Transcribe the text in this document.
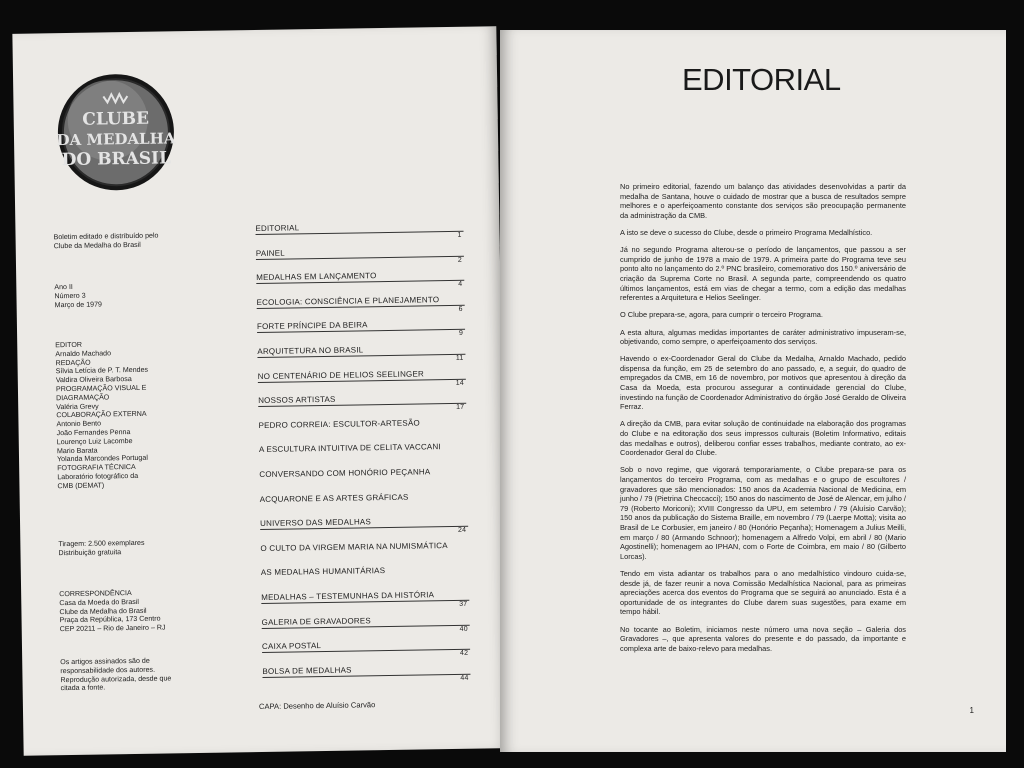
CLUBE
DA MEDALHA
DO BRASIL
Boletim editado e distribuído pelo
Clube da Medalha do Brasil
Ano II
Número 3
Março de 1979
EDITOR
Arnaldo Machado
REDAÇÃO
Sílvia Letícia de P. T. Mendes
Valdira Oliveira Barbosa
PROGRAMAÇÃO VISUAL E
DIAGRAMAÇÃO
Valéria Grevy
COLABORAÇÃO EXTERNA
Antonio Bento
João Fernandes Penna
Lourenço Luiz Lacombe
Mario Barata
Yolanda Marcondes Portugal
FOTOGRAFIA TÉCNICA
Laboratório fotográfico da
CMB (DEMAT)
Tiragem: 2.500 exemplares
Distribuição gratuita
CORRESPONDÊNCIA
Casa da Moeda do Brasil
Clube da Medalha do Brasil
Praça da República, 173 Centro
CEP 20211 – Rio de Janeiro – RJ
Os artigos assinados são de
responsabilidade dos autores.
Reprodução autorizada, desde que
citada a fonte.
EDITORIAL
1
PAINEL
2
MEDALHAS EM LANÇAMENTO
4
ECOLOGIA: CONSCIÊNCIA E PLANEJAMENTO
6
FORTE PRÍNCIPE DA BEIRA
9
ARQUITETURA NO BRASIL
11
NO CENTENÁRIO DE HELIOS SEELINGER
14
NOSSOS ARTISTAS
17
PEDRO CORREIA: ESCULTOR-ARTESÃO
A ESCULTURA INTUITIVA DE CELITA VACCANI
CONVERSANDO COM HONÓRIO PEÇANHA
ACQUARONE E AS ARTES GRÁFICAS
UNIVERSO DAS MEDALHAS
24
O CULTO DA VIRGEM MARIA NA NUMISMÁTICA
AS MEDALHAS HUMANITÁRIAS
MEDALHAS – TESTEMUNHAS DA HISTÓRIA
37
GALERIA DE GRAVADORES
40
CAIXA POSTAL
42
BOLSA DE MEDALHAS
44
CAPA: Desenho de Aluísio Carvão
EDITORIAL

No primeiro editorial, fazendo um balanço das atividades desenvolvidas a partir da medalha de Santana, houve o cuidado de mostrar que a busca de resultados sempre melhores e o aperfeiçoamento constante dos serviços são preocupação permanente da administração da CMB.

A isto se deve o sucesso do Clube, desde o primeiro Programa Medalhístico.

Já no segundo Programa alterou-se o período de lançamentos, que passou a ser cumprido de junho de 1978 a maio de 1979. A primeira parte do Programa teve seu ponto alto no lançamento do 2.º PNC brasileiro, comemorativo dos 150.º aniversário de criação da Suprema Corte no Brasil. A segunda parte, compreendendo os quatro últimos lançamentos, está em vias de chegar a termo, com a edição das medalhas referentes a Arquitetura e Helios Seelinger.

O Clube prepara-se, agora, para cumprir o terceiro Programa.

A esta altura, algumas medidas importantes de caráter administrativo impuseram-se, objetivando, como sempre, o aperfeiçoamento dos serviços.

Havendo o ex-Coordenador Geral do Clube da Medalha, Arnaldo Machado, pedido dispensa da função, em 25 de setembro do ano passado, e, a seguir, do quadro de empregados da CMB, em 16 de novembro, por motivos que apresentou à direção da Casa da Moeda, esta procurou assegurar a continuidade gerencial do Clube, investindo na função de Coordenador Administrativo do órgão José Geraldo de Oliveira Ferraz.

A direção da CMB, para evitar solução de continuidade na elaboração dos programas do Clube e na editoração dos seus impressos culturais (Boletim Informativo, editais das medalhas e outros), deliberou confiar esses trabalhos, mediante contrato, ao ex-Coordenador Geral do Clube.

Sob o novo regime, que vigorará temporariamente, o Clube prepara-se para os lançamentos do terceiro Programa, com as medalhas e o grupo de escultores / gravadores que são mencionados: 150 anos da Academia Nacional de Medicina, em junho / 79 (Pietrina Checcacci); 150 anos do nascimento de José de Alencar, em julho / 79 (Roberto Moriconi); XVIII Congresso da UPU, em setembro / 79 (Aluísio Carvão); 150 anos da publicação do Sistema Braille, em novembro / 79 (Laerpe Motta); visita ao Brasil de Le Corbusier, em janeiro / 80 (Honório Peçanha); Homenagem a Julius Meilli, em março / 80 (Armando Schnoor); homenagem a Alfredo Volpi, em abril / 80 (Mario Agostinelli); homenagem ao IPHAN, com o Forte de Coimbra, em maio / 80 (Gilberto Lorcas).

Tendo em vista adiantar os trabalhos para o ano medalhístico vindouro cuida-se, desde já, de fazer reunir a nova Comissão Medalhística Nacional, para as primeiras apreciações acerca dos eventos do Programa que se seguirá ao anunciado. Esta é a oportunidade de os integrantes do Clube darem suas sugestões, para exame em tempo hábil.

No tocante ao Boletim, iniciamos neste número uma nova seção – Galeria dos Gravadores –, que apresenta valores do presente e do passado, da importante e complexa arte de baixo-relevo para medalhas.

1
